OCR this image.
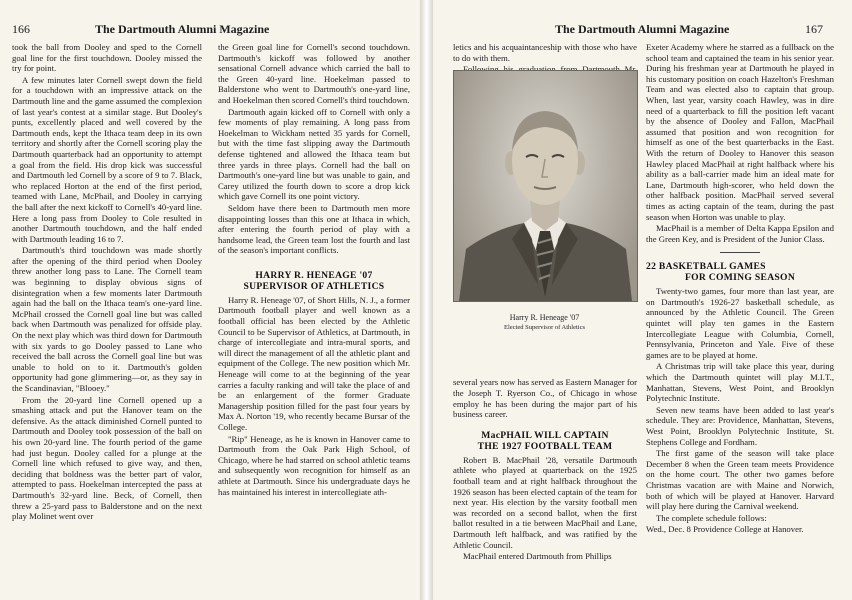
166	The Dartmouth Alumni Magazine

took the ball from Dooley and sped to the Cornell goal line for the first touchdown. Dooley missed the try for point.

A few minutes later Cornell swept down the field for a touchdown with an impressive attack on the Dartmouth line and the game assumed the complexion of last year's contest at a similar stage. But Dooley's punts, excellently placed and well covered by the Dartmouth ends, kept the Ithaca team deep in its own territory and shortly after the Cornell scoring play the Dartmouth quarterback had an opportunity to attempt a goal from the field. His drop kick was successful and Dartmouth led Cornell by a score of 9 to 7. Black, who replaced Horton at the end of the first period, teamed with Lane, McPhail, and Dooley in carrying the ball after the next kickoff to Cornell's 40-yard line. Here a long pass from Dooley to Cole resulted in another Dartmouth touchdown, and the half ended with Dartmouth leading 16 to 7.

Dartmouth's third touchdown was made shortly after the opening of the third period when Dooley threw another long pass to Lane. The Cornell team was beginning to display obvious signs of disintegration when a few moments later Dartmouth again had the ball on the Ithaca team's one-yard line. McPhail crossed the Cornell goal line but was called back when Dartmouth was penalized for offside play. On the next play which was third down for Dartmouth with six yards to go Dooley passed to Lane who received the ball across the Cornell goal line but was unable to hold on to it. Dartmouth's golden opportunity had gone glimmering—or, as they say in the Scandinavian, "Blooey."

From the 20-yard line Cornell opened up a smashing attack and put the Hanover team on the defensive. As the attack diminished Cornell punted to Dartmouth and Dooley took possession of the ball on his own 20-yard line. The fourth period of the game had just begun. Dooley called for a plunge at the Cornell line which refused to give way, and then, deciding that boldness was the better part of valor, attempted to pass. Hoekelman intercepted the pass at Dartmouth's 32-yard line. Beck, of Cornell, then threw a 25-yard pass to Balderstone and on the next play Molinet went over

the Green goal line for Cornell's second touchdown. Dartmouth's kickoff was followed by another sensational Cornell advance which carried the ball to the Green 40-yard line. Hoekelman passed to Balderstone who went to Dartmouth's one-yard line, and Hoekelman then scored Cornell's third touchdown.

Dartmouth again kicked off to Cornell with only a few moments of play remaining. A long pass from Hoekelman to Wickham netted 35 yards for Cornell, but with the time fast slipping away the Dartmouth defense tightened and allowed the Ithaca team but three yards in three plays. Cornell had the ball on Dartmouth's one-yard line but was unable to gain, and Carey utilized the fourth down to score a drop kick which gave Cornell its one point victory.

Seldom have there been to Dartmouth men more disappointing losses than this one at Ithaca in which, after entering the fourth period of play with a handsome lead, the Green team lost the fourth and last of the season's important conflicts.

HARRY R. HENEAGE '07
SUPERVISOR OF ATHLETICS

Harry R. Heneage '07, of Short Hills, N. J., a former Dartmouth football player and well known as a football official has been elected by the Athletic Council to be Supervisor of Athletics, at Dartmouth, in charge of intercollegiate and intra-mural sports, and will direct the management of all the athletic plant and equipment of the College. The new position which Mr. Heneage will come to at the beginning of the year carries a faculty ranking and will take the place of and be an enlargement of the former Graduate Managership position filled for the past four years by Max A. Norton '19, who recently became Bursar of the College.

"Rip" Heneage, as he is known in Hanover came to Dartmouth from the Oak Park High School, of Chicago, where he had starred on school athletic teams and subsequently won recognition for himself as an athlete at Dartmouth. Since his undergraduate days he has maintained his interest in intercollegiate ath-

The Dartmouth Alumni Magazine	167

letics and his acquaintanceship with those who have to do with them.

several years now has served as Eastern Manager for the Joseph T. Ryerson Co., of Chicago in whose employ he has been during the major part of his business career.

MacPHAIL WILL CAPTAIN
THE 1927 FOOTBALL TEAM

Robert B. MacPhail '28, versatile Dartmouth athlete who played at quarterback on the 1925 football team and at right halfback throughout the 1926 season has been elected captain of the team for next year. His election by the varsity football men was recorded on a second ballot, when the first ballot resulted in a tie between MacPhail and Lane, Dartmouth left halfback, and was ratified by the Athletic Council.

MacPhail entered Dartmouth from Phillips

Exeter Academy where he starred as a fullback on the school team and captained the team in his senior year. During his freshman year at Dartmouth he played in his customary position on coach Hazelton's Freshman Team and was elected also to captain that group. When, last year, varsity coach Hawley, was in dire need of a quarterback to fill the position left vacant by the absence of Dooley and Fallon, MacPhail assumed that position and won recognition for himself as one of the best quarterbacks in the East. With the return of Dooley to Hanover this season Hawley placed MacPhail at right halfback where his ability as a ball-carrier made him an ideal mate for Lane, Dartmouth high-scorer, who held down the other halfback position. MacPhail served several times as acting captain of the team, during the past season when Horton was unable to play.

MacPhail is a member of Delta Kappa Epsilon and the Green Key, and is President of the Junior Class.

22 BASKETBALL GAMES
FOR COMING SEASON

Twenty-two games, four more than last year, are on Dartmouth's 1926-27 basketball schedule, as announced by the Athletic Council. The Green quintet will play ten games in the Eastern Intercollegiate League with Columbia, Cornell, Pennsylvania, Princeton and Yale. Five of these games are to be played at home.

A Christmas trip will take place this year, during which the Dartmouth quintet will play M.I.T., Manhattan, Stevens, West Point, and Brooklyn Polytechnic Institute.

Seven new teams have been added to last year's schedule. They are: Providence, Manhattan, Stevens, West Point, Brooklyn Polytechnic Institute, St. Stephens College and Fordham.

The first game of the season will take place December 8 when the Green team meets Providence on the home court. The other two games before Christmas vacation are with Maine and Norwich, both of which will be played at Hanover. Harvard will play here during the Carnival weekend.

The complete schedule follows:

Wed., Dec. 8 Providence College at Hanover.

Harry R. Heneage '07
Elected Supervisor of Athletics
